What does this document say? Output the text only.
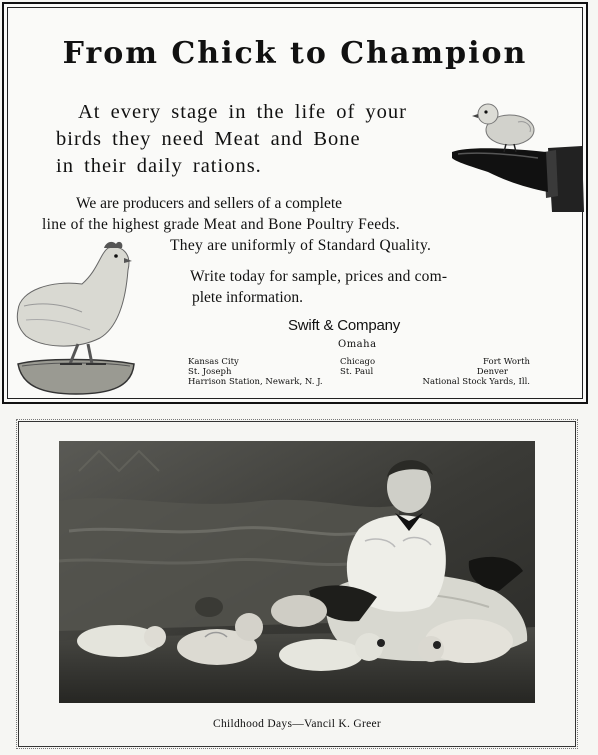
From Chick to Champion

At every stage in the life of your
birds they need Meat and Bone
in their daily rations.

We are producers and sellers of a complete
line of the highest grade Meat and Bone Poultry Feeds.
They are uniformly of Standard Quality.

Write today for sample, prices and com-
plete information.

Swift & Company
Omaha
Kansas City
St. Joseph
Harrison Station, Newark, N. J.
Chicago
St. Paul
Fort Worth
Denver
National Stock Yards, Ill.
Childhood Days—Vancil K. Greer
